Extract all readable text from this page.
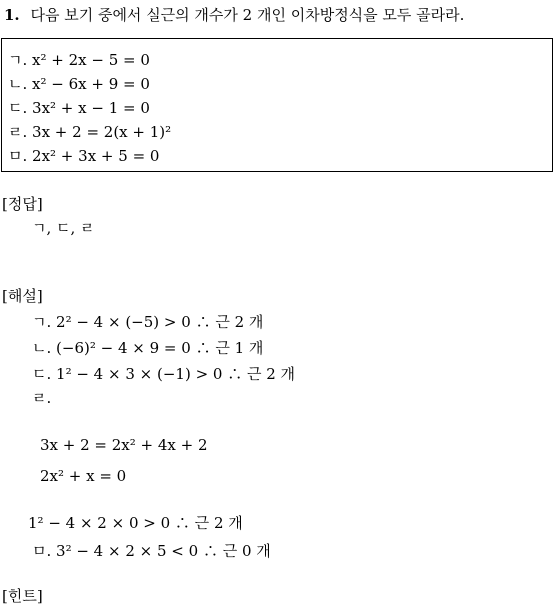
1. 다음 보기 중에서 실근의 개수가 2 개인 이차방정식을 모두 골라라.
ㄱ. x² + 2x − 5 = 0
ㄴ. x² − 6x + 9 = 0
ㄷ. 3x² + x − 1 = 0
ㄹ. 3x + 2 = 2(x + 1)²
ㅁ. 2x² + 3x + 5 = 0
[정답]
ㄱ, ㄷ, ㄹ
[해설]
ㄱ. 2² − 4 × (−5) > 0 ∴ 근 2 개
ㄴ. (−6)² − 4 × 9 = 0 ∴ 근 1 개
ㄷ. 1² − 4 × 3 × (−1) > 0 ∴ 근 2 개
ㄹ.
3x + 2 = 2x² + 4x + 2
2x² + x = 0
1² − 4 × 2 × 0 > 0 ∴ 근 2 개
ㅁ. 3² − 4 × 2 × 5 < 0 ∴ 근 0 개
[힌트]
